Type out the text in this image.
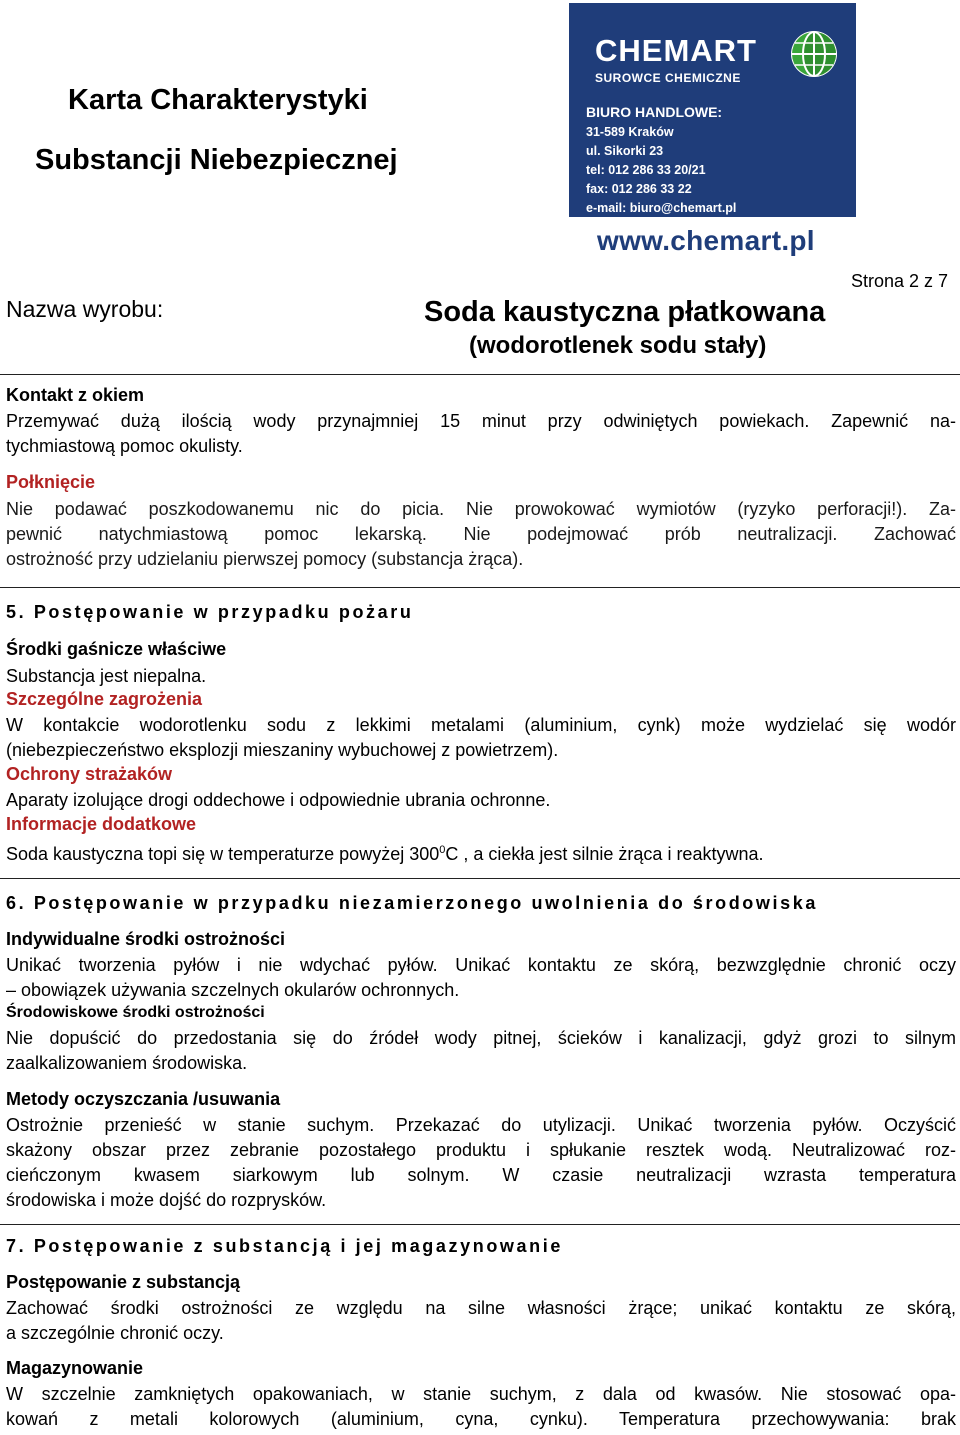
Karta Charakterystyki
Substancji Niebezpiecznej
CHEMART
SUROWCE CHEMICZNE
BIURO HANDLOWE:
31-589 Kraków
ul. Sikorki 23
tel: 012 286 33 20/21
fax: 012 286 33 22
e-mail: biuro@chemart.pl
www.chemart.pl
Strona 2 z 7
Nazwa wyrobu:	Soda kaustyczna płatkowana
(wodorotlenek sodu stały)
Kontakt z okiem
Przemywać dużą ilością wody przynajmniej 15 minut przy odwiniętych powiekach. Zapewnić na-
tychmiastową pomoc okulisty.
Połknięcie
Nie podawać poszkodowanemu nic do picia. Nie prowokować wymiotów (ryzyko perforacji!). Za-
pewnić natychmiastową pomoc lekarską. Nie podejmować prób neutralizacji. Zachować
ostrożność przy udzielaniu pierwszej pomocy (substancja żrąca).
5. Postępowanie w przypadku pożaru
Środki gaśnicze właściwe
Substancja jest niepalna.
Szczególne zagrożenia
W kontakcie wodorotlenku sodu z lekkimi metalami (aluminium, cynk) może wydzielać się wodór
(niebezpieczeństwo eksplozji mieszaniny wybuchowej z powietrzem).
Ochrony strażaków
Aparaty izolujące drogi oddechowe i odpowiednie ubrania ochronne.
Informacje dodatkowe
Soda kaustyczna topi się w temperaturze powyżej $300^0C$ , a ciekła jest silnie żrąca i reaktywna.
6. Postępowanie w przypadku niezamierzonego uwolnienia do środowiska
Indywidualne środki ostrożności
Unikać tworzenia pyłów i nie wdychać pyłów. Unikać kontaktu ze skórą, bezwzględnie chronić oczy
– obowiązek używania szczelnych okularów ochronnych.
Środowiskowe środki ostrożności
Nie dopuścić do przedostania się do źródeł wody pitnej, ścieków i kanalizacji, gdyż grozi to silnym
zaalkalizowaniem środowiska.
Metody oczyszczania /usuwania
Ostrożnie przenieść w stanie suchym. Przekazać do utylizacji. Unikać tworzenia pyłów. Oczyścić
skażony obszar przez zebranie pozostałego produktu i spłukanie resztek wodą. Neutralizować roz-
cieńczonym kwasem siarkowym lub solnym. W czasie neutralizacji wzrasta temperatura
środowiska i może dojść do rozprysków.
7. Postępowanie z substancją i jej magazynowanie
Postępowanie z substancją
Zachować środki ostrożności ze względu na silne własności żrące; unikać kontaktu ze skórą,
a szczególnie chronić oczy.
Magazynowanie
W szczelnie zamkniętych opakowaniach, w stanie suchym, z dala od kwasów. Nie stosować opa-
kowań z metali kolorowych (aluminium, cyna, cynku). Temperatura przechowywania: brak
